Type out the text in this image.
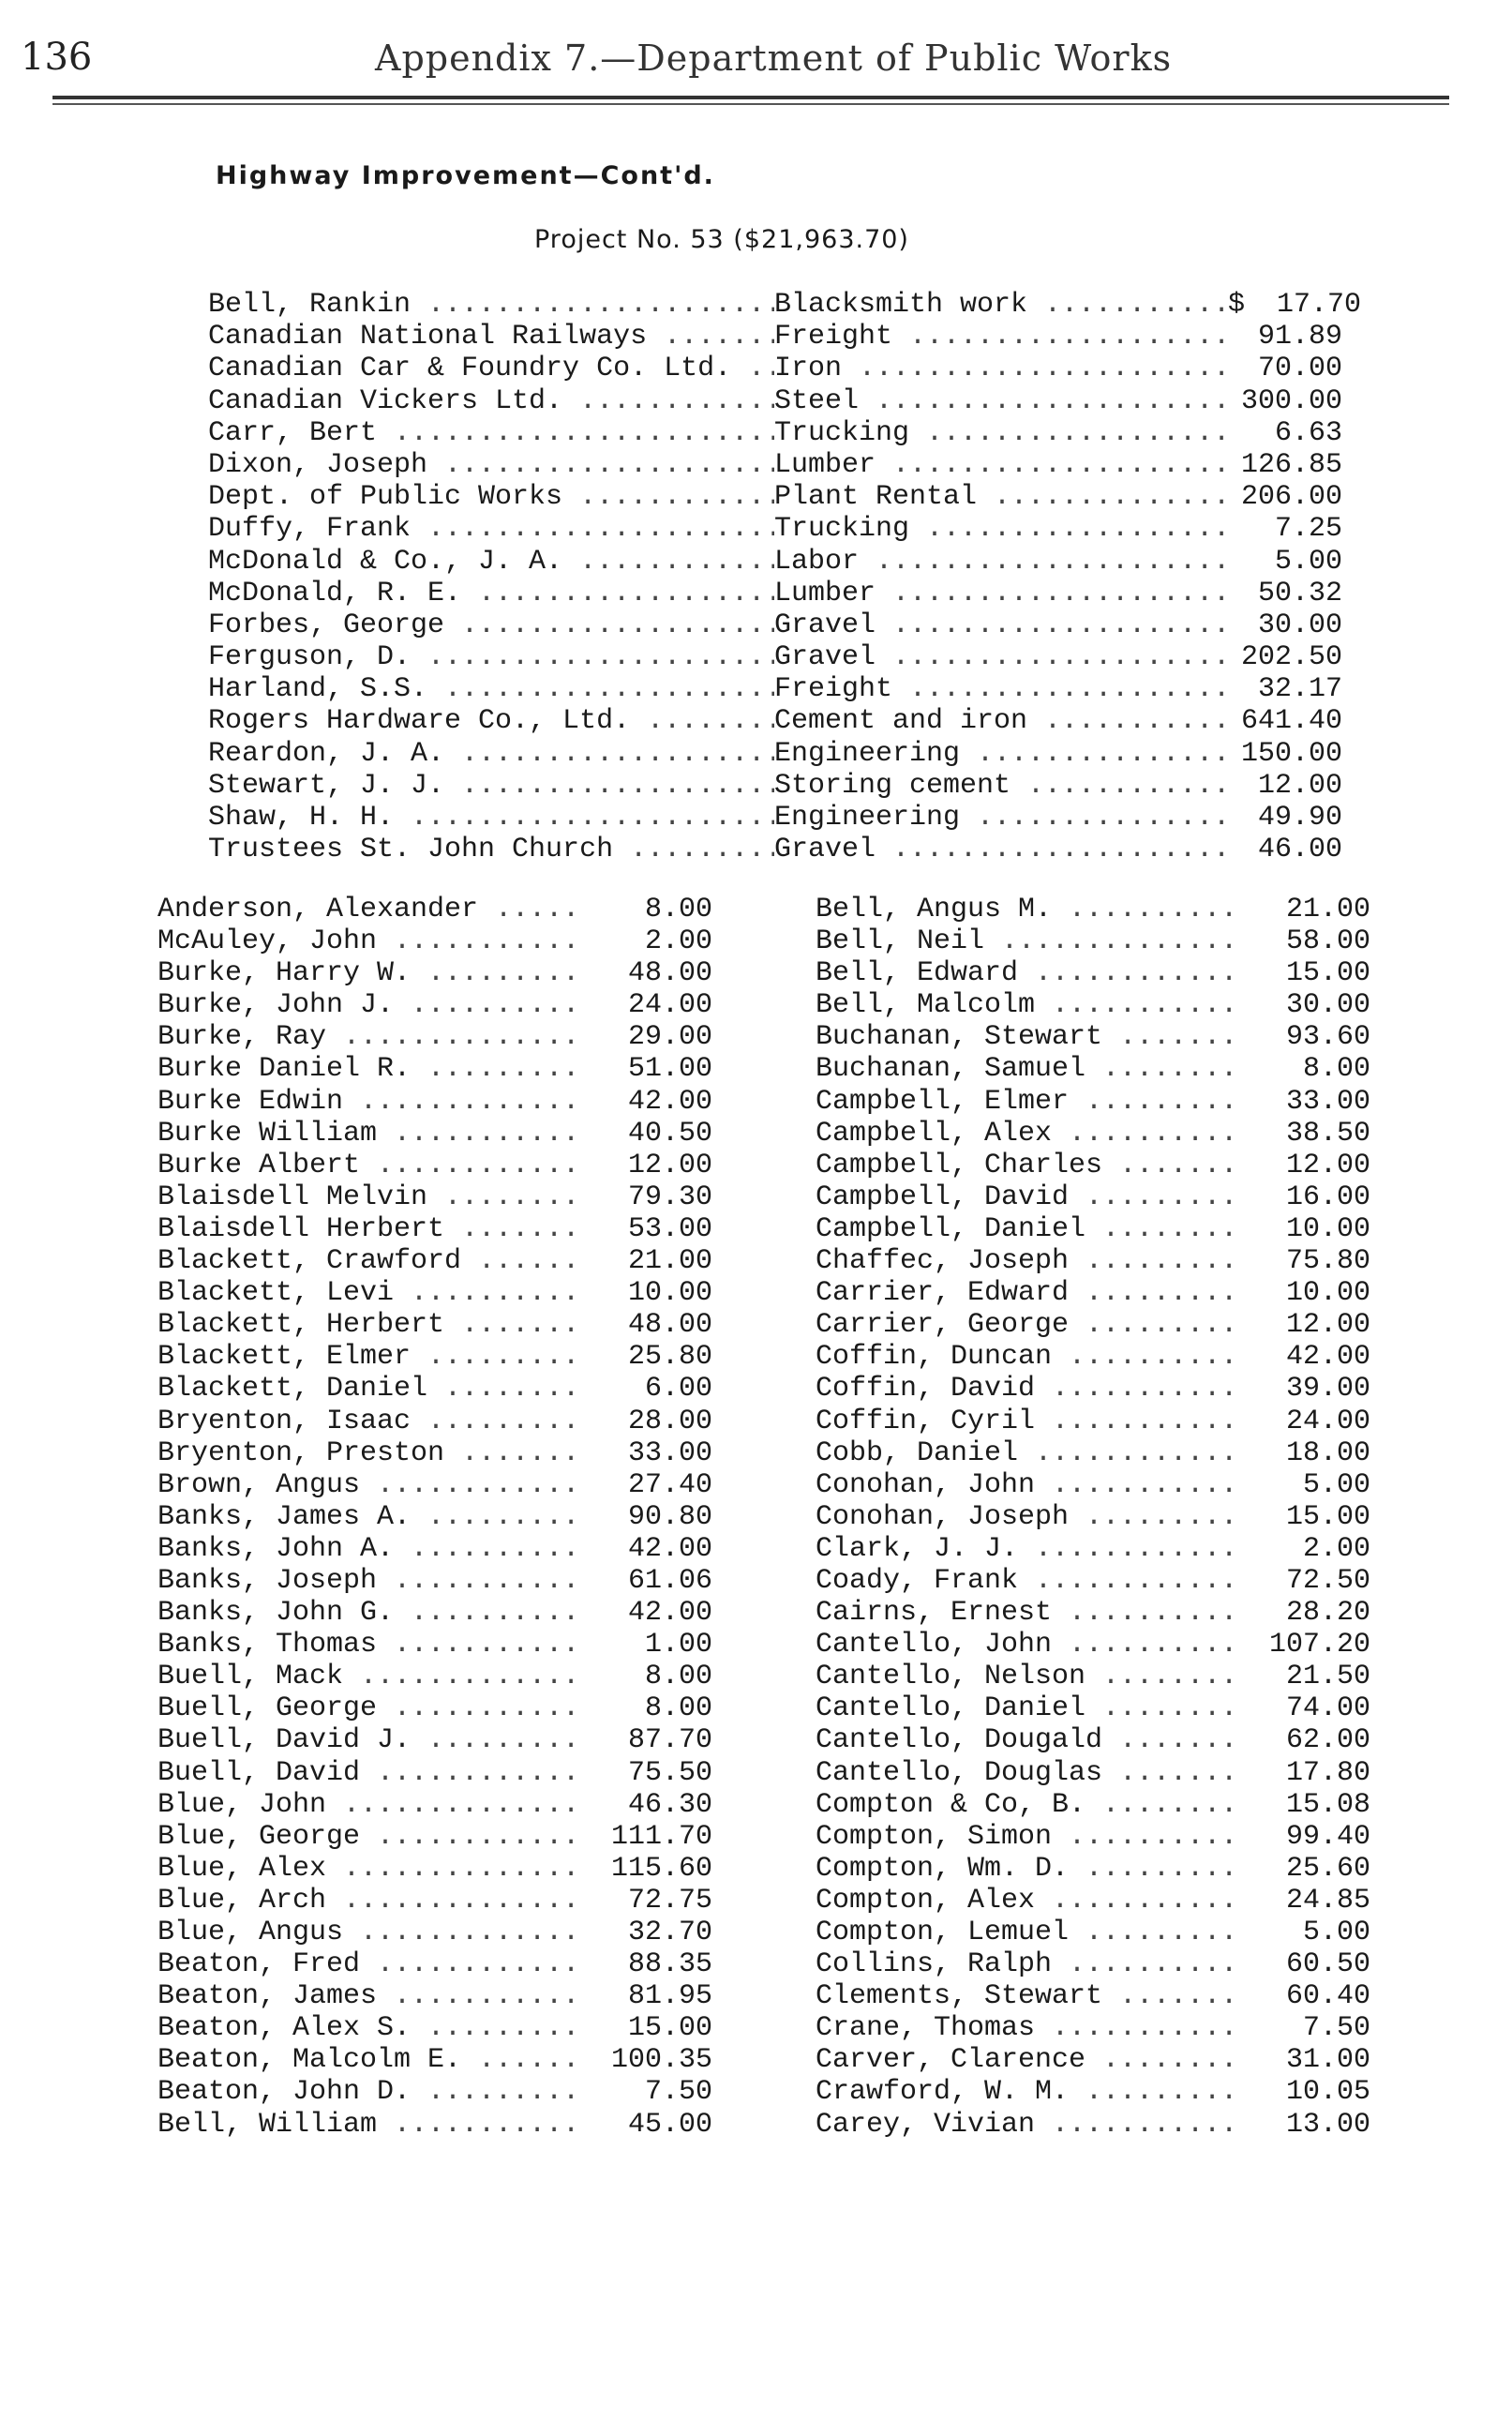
136	Appendix 7.—Department of Public Works
Highway Improvement—Cont'd.
Project No. 53 ($21,963.70)
Bell, Rankin .....	Blacksmith work .....	$ 17.70
Canadian National Railways .....	Freight .....	91.89
Canadian Car & Foundry Co. Ltd. .....	Iron .....	70.00
Canadian Vickers Ltd. .....	Steel .....	300.00
Carr, Bert .....	Trucking .....	6.63
Dixon, Joseph .....	Lumber .....	126.85
Dept. of Public Works .....	Plant Rental .....	206.00
Duffy, Frank .....	Trucking .....	7.25
McDonald & Co., J. A. .....	Labor .....	5.00
McDonald, R. E. .....	Lumber .....	50.32
Forbes, George .....	Gravel .....	30.00
Ferguson, D. .....	Gravel .....	202.50
Harland, S.S. .....	Freight .....	32.17
Rogers Hardware Co., Ltd. .....	Cement and iron .....	641.40
Reardon, J. A. .....	Engineering .....	150.00
Stewart, J. J. .....	Storing cement .....	12.00
Shaw, H. H. .....	Engineering .....	49.90
Trustees St. John Church .....	Gravel .....	46.00
Anderson, Alexander .....	8.00
McAuley, John .....	2.00
Burke, Harry W. .....	48.00
Burke, John J. .....	24.00
Burke, Ray .....	29.00
Burke Daniel R. .....	51.00
Burke Edwin .....	42.00
Burke William .....	40.50
Burke Albert .....	12.00
Blaisdell Melvin .....	79.30
Blaisdell Herbert .....	53.00
Blackett, Crawford .....	21.00
Blackett, Levi .....	10.00
Blackett, Herbert .....	48.00
Blackett, Elmer .....	25.80
Blackett, Daniel .....	6.00
Bryenton, Isaac .....	28.00
Bryenton, Preston .....	33.00
Brown, Angus .....	27.40
Banks, James A. .....	90.80
Banks, John A. .....	42.00
Banks, Joseph .....	61.06
Banks, John G. .....	42.00
Banks, Thomas .....	1.00
Buell, Mack .....	8.00
Buell, George .....	8.00
Buell, David J. .....	87.70
Buell, David .....	75.50
Blue, John .....	46.30
Blue, George .....	111.70
Blue, Alex .....	115.60
Blue, Arch .....	72.75
Blue, Angus .....	32.70
Beaton, Fred .....	88.35
Beaton, James .....	81.95
Beaton, Alex S. .....	15.00
Beaton, Malcolm E. .....	100.35
Beaton, John D. .....	7.50
Bell, William .....	45.00
Bell, Angus M. .....	21.00
Bell, Neil .....	58.00
Bell, Edward .....	15.00
Bell, Malcolm .....	30.00
Buchanan, Stewart .....	93.60
Buchanan, Samuel .....	8.00
Campbell, Elmer .....	33.00
Campbell, Alex .....	38.50
Campbell, Charles .....	12.00
Campbell, David .....	16.00
Campbell, Daniel .....	10.00
Chaffec, Joseph .....	75.80
Carrier, Edward .....	10.00
Carrier, George .....	12.00
Coffin, Duncan .....	42.00
Coffin, David .....	39.00
Coffin, Cyril .....	24.00
Cobb, Daniel .....	18.00
Conohan, John .....	5.00
Conohan, Joseph .....	15.00
Clark, J. J. .....	2.00
Coady, Frank .....	72.50
Cairns, Ernest .....	28.20
Cantello, John .....	107.20
Cantello, Nelson .....	21.50
Cantello, Daniel .....	74.00
Cantello, Dougald .....	62.00
Cantello, Douglas .....	17.80
Compton & Co, B. .....	15.08
Compton, Simon .....	99.40
Compton, Wm. D. .....	25.60
Compton, Alex .....	24.85
Compton, Lemuel .....	5.00
Collins, Ralph .....	60.50
Clements, Stewart .....	60.40
Crane, Thomas .....	7.50
Carver, Clarence .....	31.00
Crawford, W. M. .....	10.05
Carey, Vivian .....	13.00
